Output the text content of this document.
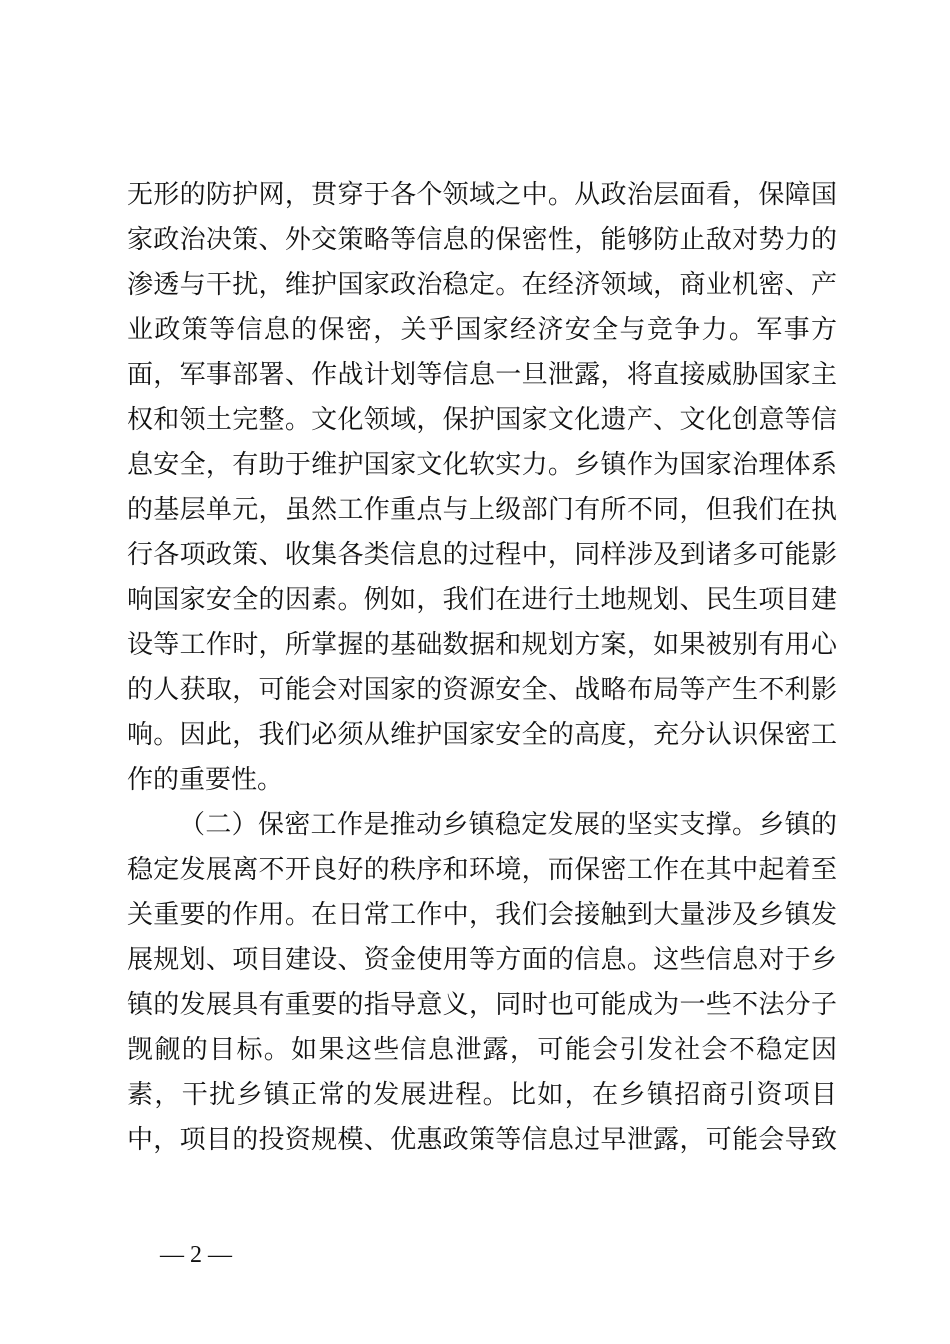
无形的防护网，贯穿于各个领域之中。从政治层面看，保障国
家政治决策、外交策略等信息的保密性，能够防止敌对势力的
渗透与干扰，维护国家政治稳定。在经济领域，商业机密、产
业政策等信息的保密，关乎国家经济安全与竞争力。军事方
面，军事部署、作战计划等信息一旦泄露，将直接威胁国家主
权和领土完整。文化领域，保护国家文化遗产、文化创意等信
息安全，有助于维护国家文化软实力。乡镇作为国家治理体系
的基层单元，虽然工作重点与上级部门有所不同，但我们在执
行各项政策、收集各类信息的过程中，同样涉及到诸多可能影
响国家安全的因素。例如，我们在进行土地规划、民生项目建
设等工作时，所掌握的基础数据和规划方案，如果被别有用心
的人获取，可能会对国家的资源安全、战略布局等产生不利影
响。因此，我们必须从维护国家安全的高度，充分认识保密工
作的重要性。
（二）保密工作是推动乡镇稳定发展的坚实支撑。乡镇的
稳定发展离不开良好的秩序和环境，而保密工作在其中起着至
关重要的作用。在日常工作中，我们会接触到大量涉及乡镇发
展规划、项目建设、资金使用等方面的信息。这些信息对于乡
镇的发展具有重要的指导意义，同时也可能成为一些不法分子
觊觎的目标。如果这些信息泄露，可能会引发社会不稳定因
素，干扰乡镇正常的发展进程。比如，在乡镇招商引资项目
中，项目的投资规模、优惠政策等信息过早泄露，可能会导致
— 2 —
